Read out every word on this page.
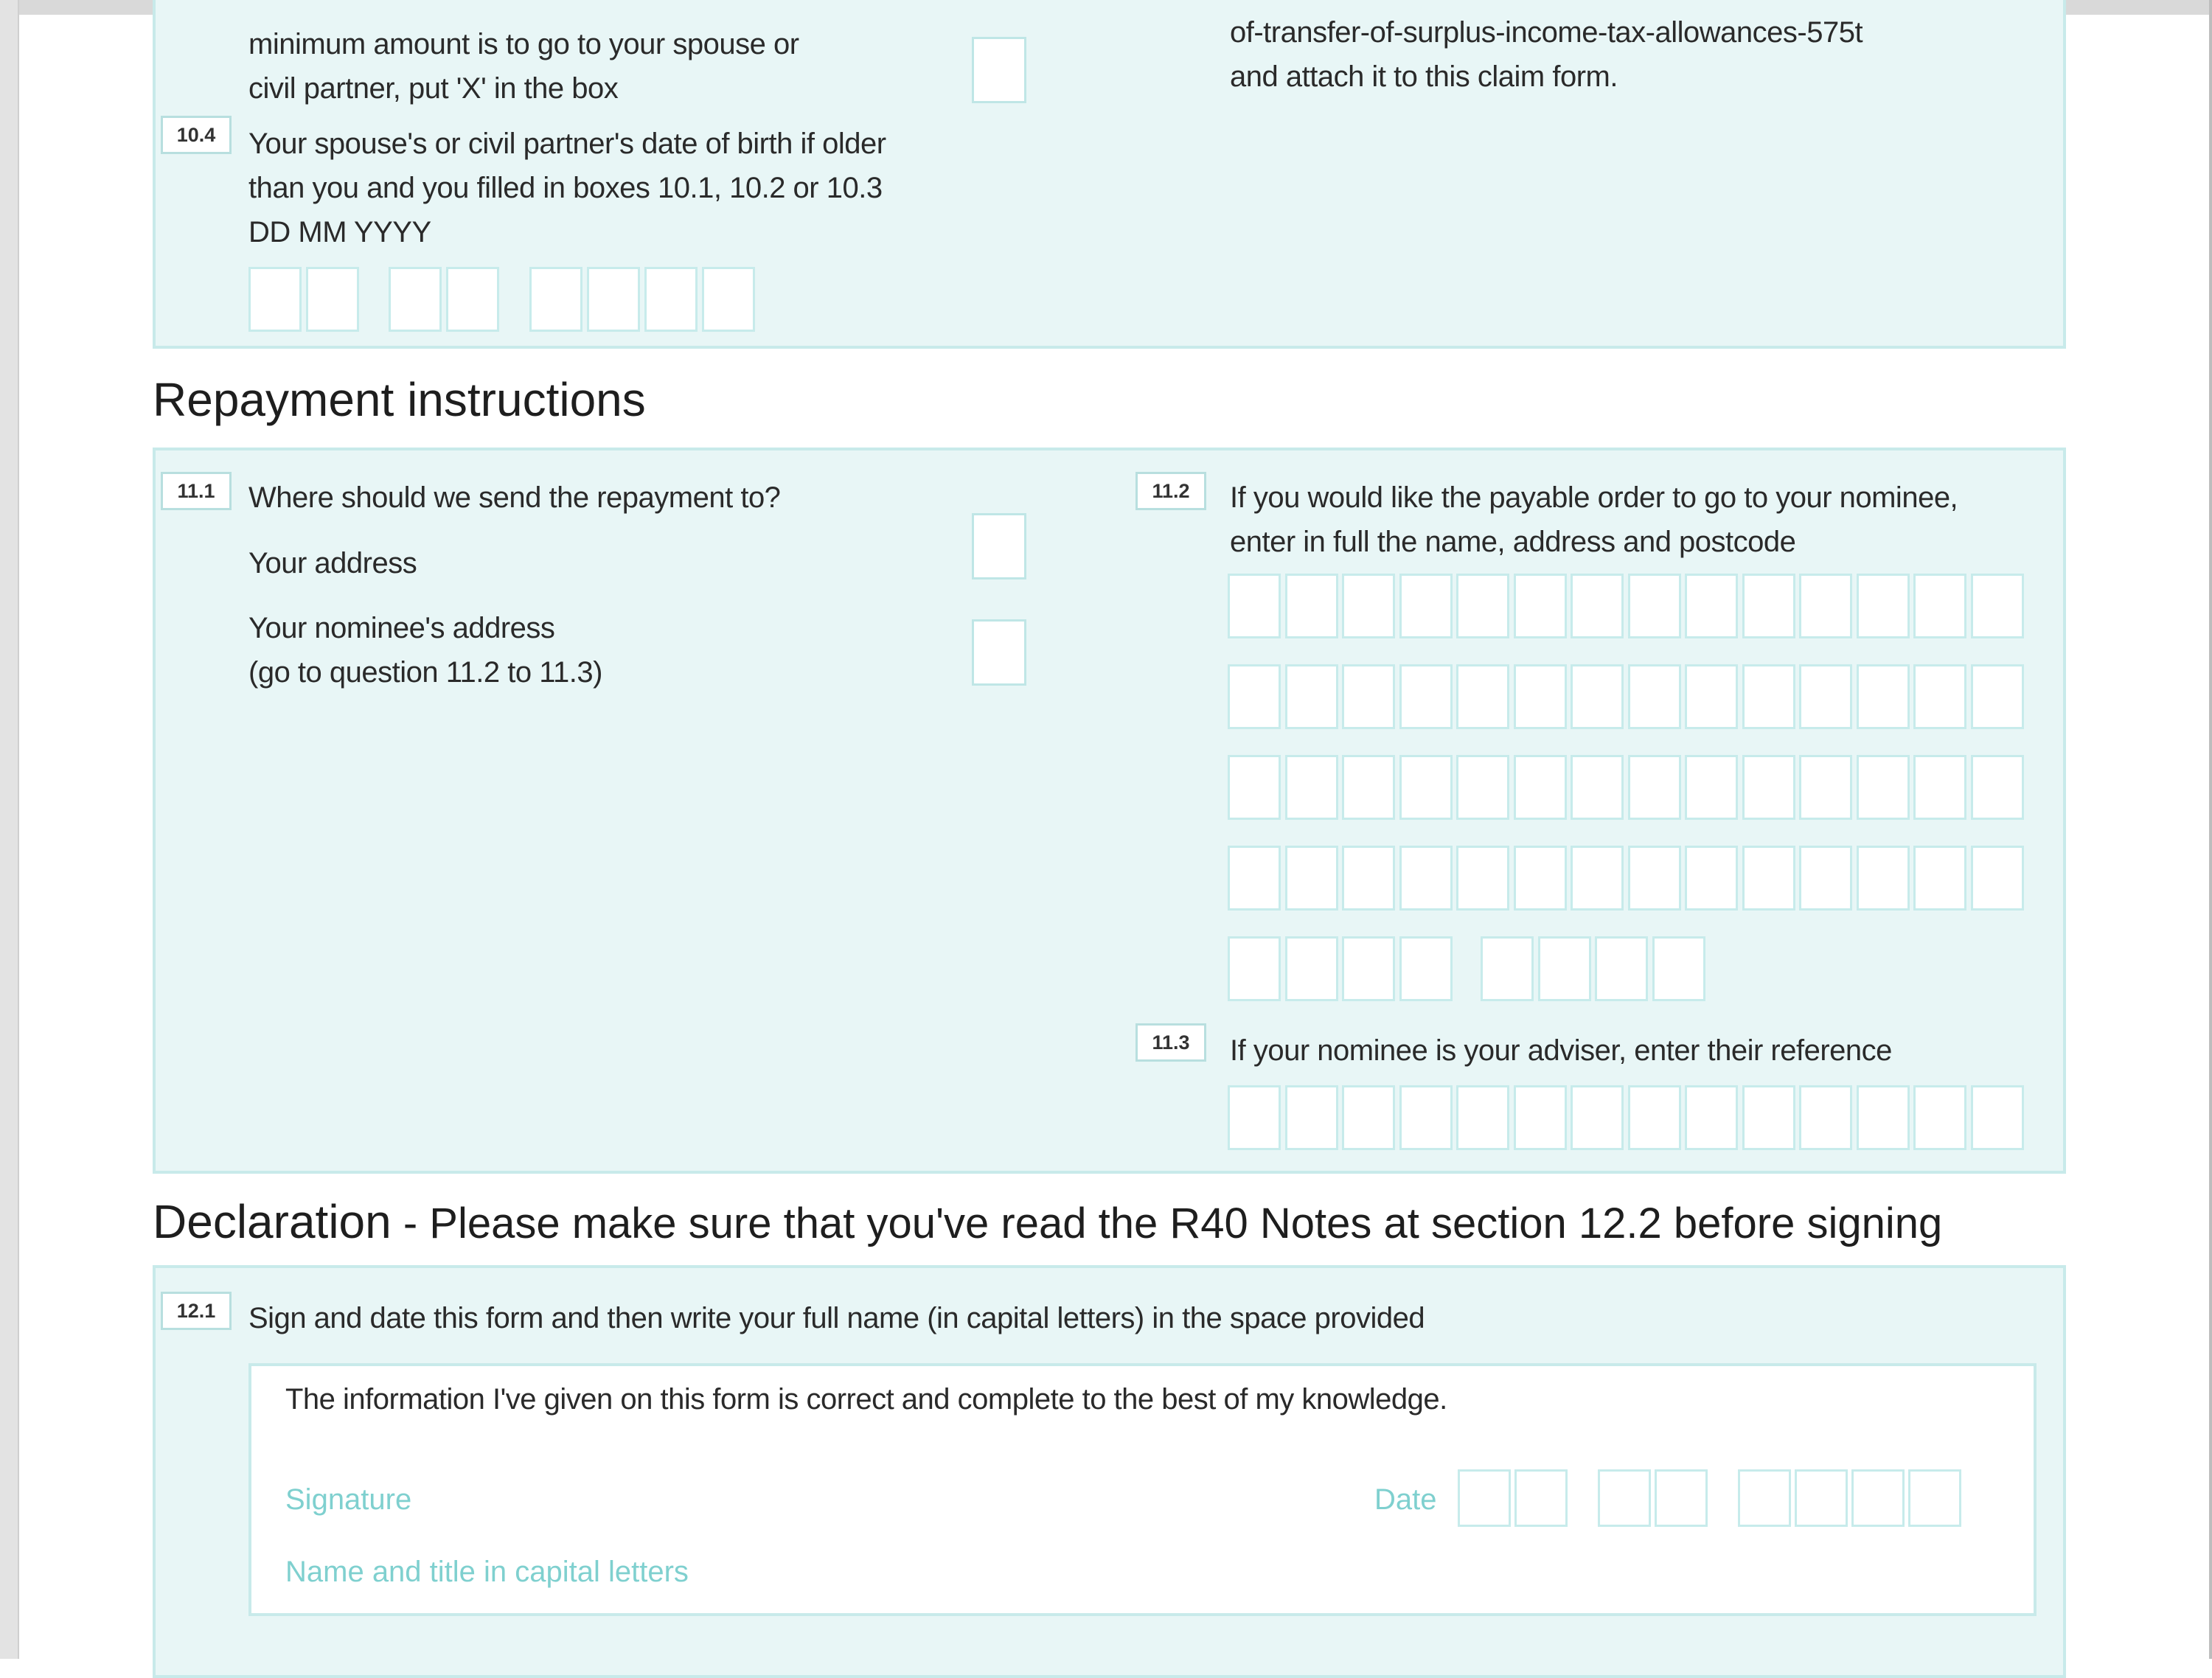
minimum amount is to go to your spouse or
civil partner, put 'X' in the box
10.4	Your spouse's or civil partner's date of birth if older
than you and you filled in boxes 10.1, 10.2 or 10.3
DD MM YYYY
of-transfer-of-surplus-income-tax-allowances-575t
and attach it to this claim form.
Repayment instructions
11.1	Where should we send the repayment to?
Your address
Your nominee's address
(go to question 11.2 to 11.3)
11.2	If you would like the payable order to go to your nominee,
enter in full the name, address and postcode
11.3	If your nominee is your adviser, enter their reference
Declaration - Please make sure that you've read the R40 Notes at section 12.2 before signing
12.1	Sign and date this form and then write your full name (in capital letters) in the space provided
The information I've given on this form is correct and complete to the best of my knowledge.
Signature	Date
Name and title in capital letters
